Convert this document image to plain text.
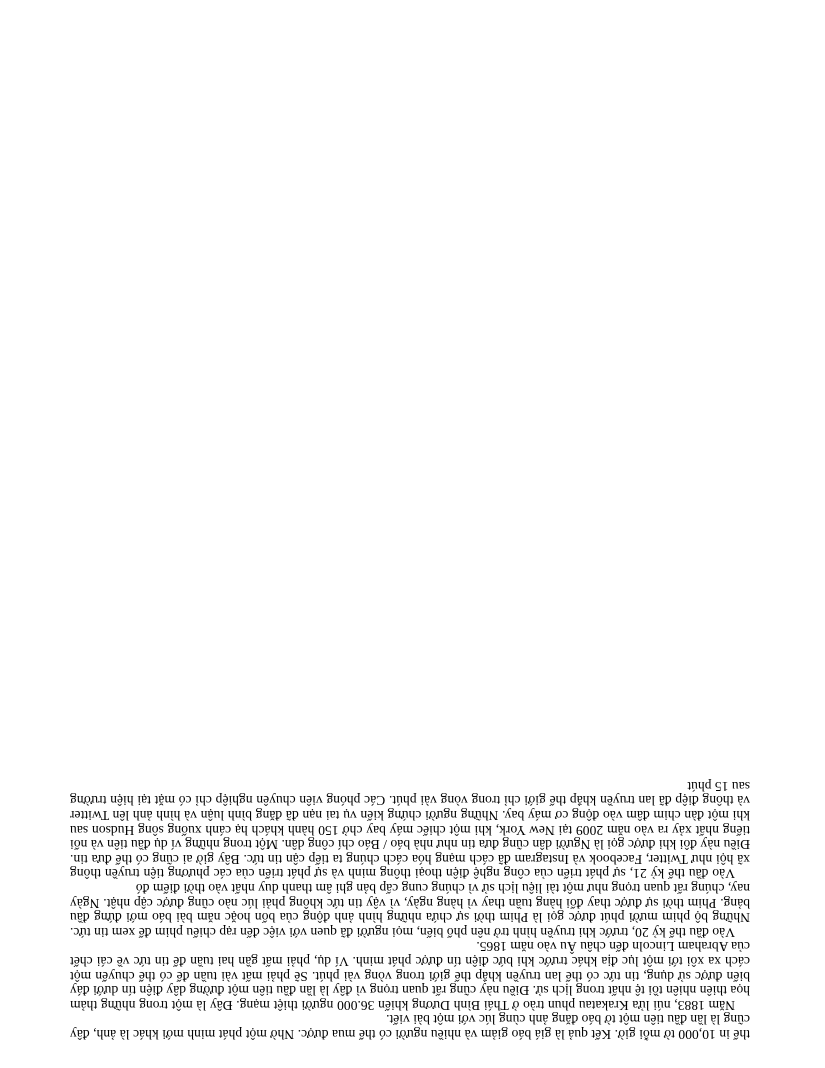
thể in 10,000 tờ mỗi giờ. Kết quả là giá báo giảm và nhiều người có thể mua được. Nhờ một phát minh mới khác là ảnh, đây cũng là lần đầu tiên một tờ báo đăng ảnh cùng lúc với một bài viết.

Năm 1883, núi lửa Krakatau phun trào ở Thái Bình Dương khiến 36.000 người thiệt mạng. Đây là một trong những thảm họa thiên nhiên tồi tệ nhất trong lịch sử. Điều này cũng rất quan trọng vì đây là lần đầu tiên một đường dây điện tín dưới đáy biển được sử dụng, tin tức có thể lan truyền khắp thế giới trong vòng vài phút. Sẽ phải mất vài tuần để có thể chuyển một cách xa xôi tới một lục địa khác trước khi bức điện tín được phát minh. Ví dụ, phải mất gần hai tuần để tin tức về cái chết của Abraham Lincoln đến châu Âu vào năm 1865.

Vào đầu thế kỷ 20, trước khi truyền hình trở nên phổ biến, mọi người đã quen với việc đến rạp chiếu phim để xem tin tức. Những bộ phim mười phút được gọi là Phim thời sự chứa những hình ảnh động của bốn hoặc năm bài báo mới đứng đầu bảng. Phim thời sự được thay đổi hàng tuần thay vì hàng ngày, vì vậy tin tức không phải lúc nào cũng được cập nhật. Ngày nay, chúng rất quan trọng như một tài liệu lịch sử vì chúng cung cấp bản ghi âm thanh duy nhất vào thời điểm đó

Vào đầu thế kỷ 21, sự phát triển của công nghệ điện thoại thông minh và sự phát triển của các phương tiện truyền thông xã hội như Twitter, Facebook và Instagram đã cách mạng hóa cách chúng ta tiếp cận tin tức. Bây giờ ai cũng có thể đưa tin. Điều này đôi khi được gọi là Người dân cũng đưa tin như nhà báo / Báo chí công dân. Một trong những ví dụ đầu tiên và nổi tiếng nhất xảy ra vào năm 2009 tại New York, khi một chiếc máy bay chở 150 hành khách hạ cánh xuống sông Hudson sau khi một đàn chim đâm vào động cơ máy bay. Những người chứng kiến vụ tai nạn đã đăng bình luận và hình ảnh lên Twitter và thông điệp đã lan truyền khắp thế giới chỉ trong vòng vài phút. Các phóng viên chuyên nghiệp chỉ có mặt tại hiện trường sau 15 phút
